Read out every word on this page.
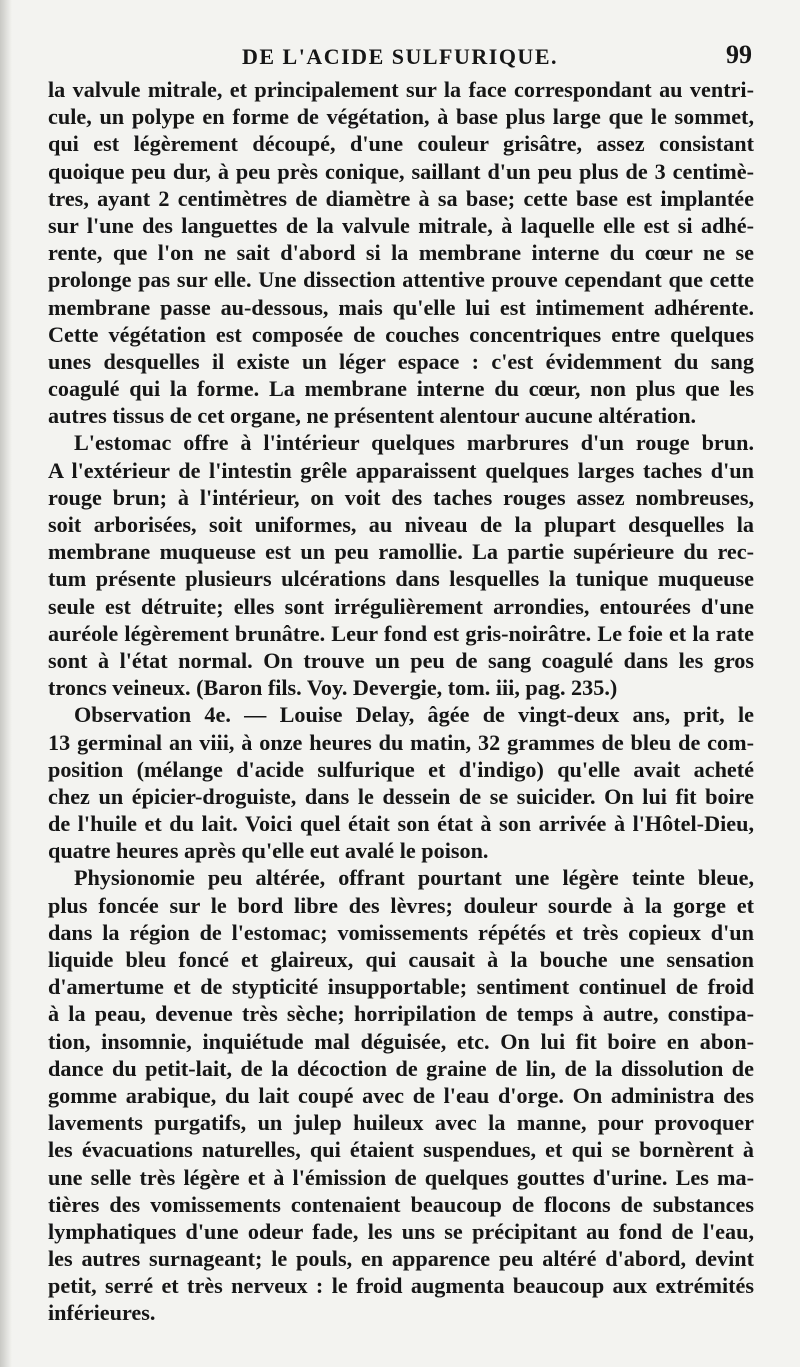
DE L'ACIDE SULFURIQUE.	99
la valvule mitrale, et principalement sur la face correspondant au ventri-
cule, un polype en forme de végétation, à base plus large que le sommet,
qui est légèrement découpé, d'une couleur grisâtre, assez consistant
quoique peu dur, à peu près conique, saillant d'un peu plus de 3 centimè-
tres, ayant 2 centimètres de diamètre à sa base; cette base est implantée
sur l'une des languettes de la valvule mitrale, à laquelle elle est si adhé-
rente, que l'on ne sait d'abord si la membrane interne du cœur ne se
prolonge pas sur elle. Une dissection attentive prouve cependant que cette
membrane passe au-dessous, mais qu'elle lui est intimement adhérente.
Cette végétation est composée de couches concentriques entre quelques
unes desquelles il existe un léger espace : c'est évidemment du sang
coagulé qui la forme. La membrane interne du cœur, non plus que les
autres tissus de cet organe, ne présentent alentour aucune altération.
L'estomac offre à l'intérieur quelques marbrures d'un rouge brun.
A l'extérieur de l'intestin grêle apparaissent quelques larges taches d'un
rouge brun; à l'intérieur, on voit des taches rouges assez nombreuses,
soit arborisées, soit uniformes, au niveau de la plupart desquelles la
membrane muqueuse est un peu ramollie. La partie supérieure du rec-
tum présente plusieurs ulcérations dans lesquelles la tunique muqueuse
seule est détruite; elles sont irrégulièrement arrondies, entourées d'une
auréole légèrement brunâtre. Leur fond est gris-noirâtre. Le foie et la rate
sont à l'état normal. On trouve un peu de sang coagulé dans les gros
troncs veineux. (Baron fils. Voy. Devergie, tom. iii, pag. 235.)
Observation 4e. — Louise Delay, âgée de vingt-deux ans, prit, le
13 germinal an viii, à onze heures du matin, 32 grammes de bleu de com-
position (mélange d'acide sulfurique et d'indigo) qu'elle avait acheté
chez un épicier-droguiste, dans le dessein de se suicider. On lui fit boire
de l'huile et du lait. Voici quel était son état à son arrivée à l'Hôtel-Dieu,
quatre heures après qu'elle eut avalé le poison.
Physionomie peu altérée, offrant pourtant une légère teinte bleue,
plus foncée sur le bord libre des lèvres; douleur sourde à la gorge et
dans la région de l'estomac; vomissements répétés et très copieux d'un
liquide bleu foncé et glaireux, qui causait à la bouche une sensation
d'amertume et de stypticité insupportable; sentiment continuel de froid
à la peau, devenue très sèche; horripilation de temps à autre, constipa-
tion, insomnie, inquiétude mal déguisée, etc. On lui fit boire en abon-
dance du petit-lait, de la décoction de graine de lin, de la dissolution de
gomme arabique, du lait coupé avec de l'eau d'orge. On administra des
lavements purgatifs, un julep huileux avec la manne, pour provoquer
les évacuations naturelles, qui étaient suspendues, et qui se bornèrent à
une selle très légère et à l'émission de quelques gouttes d'urine. Les ma-
tières des vomissements contenaient beaucoup de flocons de substances
lymphatiques d'une odeur fade, les uns se précipitant au fond de l'eau,
les autres surnageant; le pouls, en apparence peu altéré d'abord, devint
petit, serré et très nerveux : le froid augmenta beaucoup aux extrémités
inférieures.
